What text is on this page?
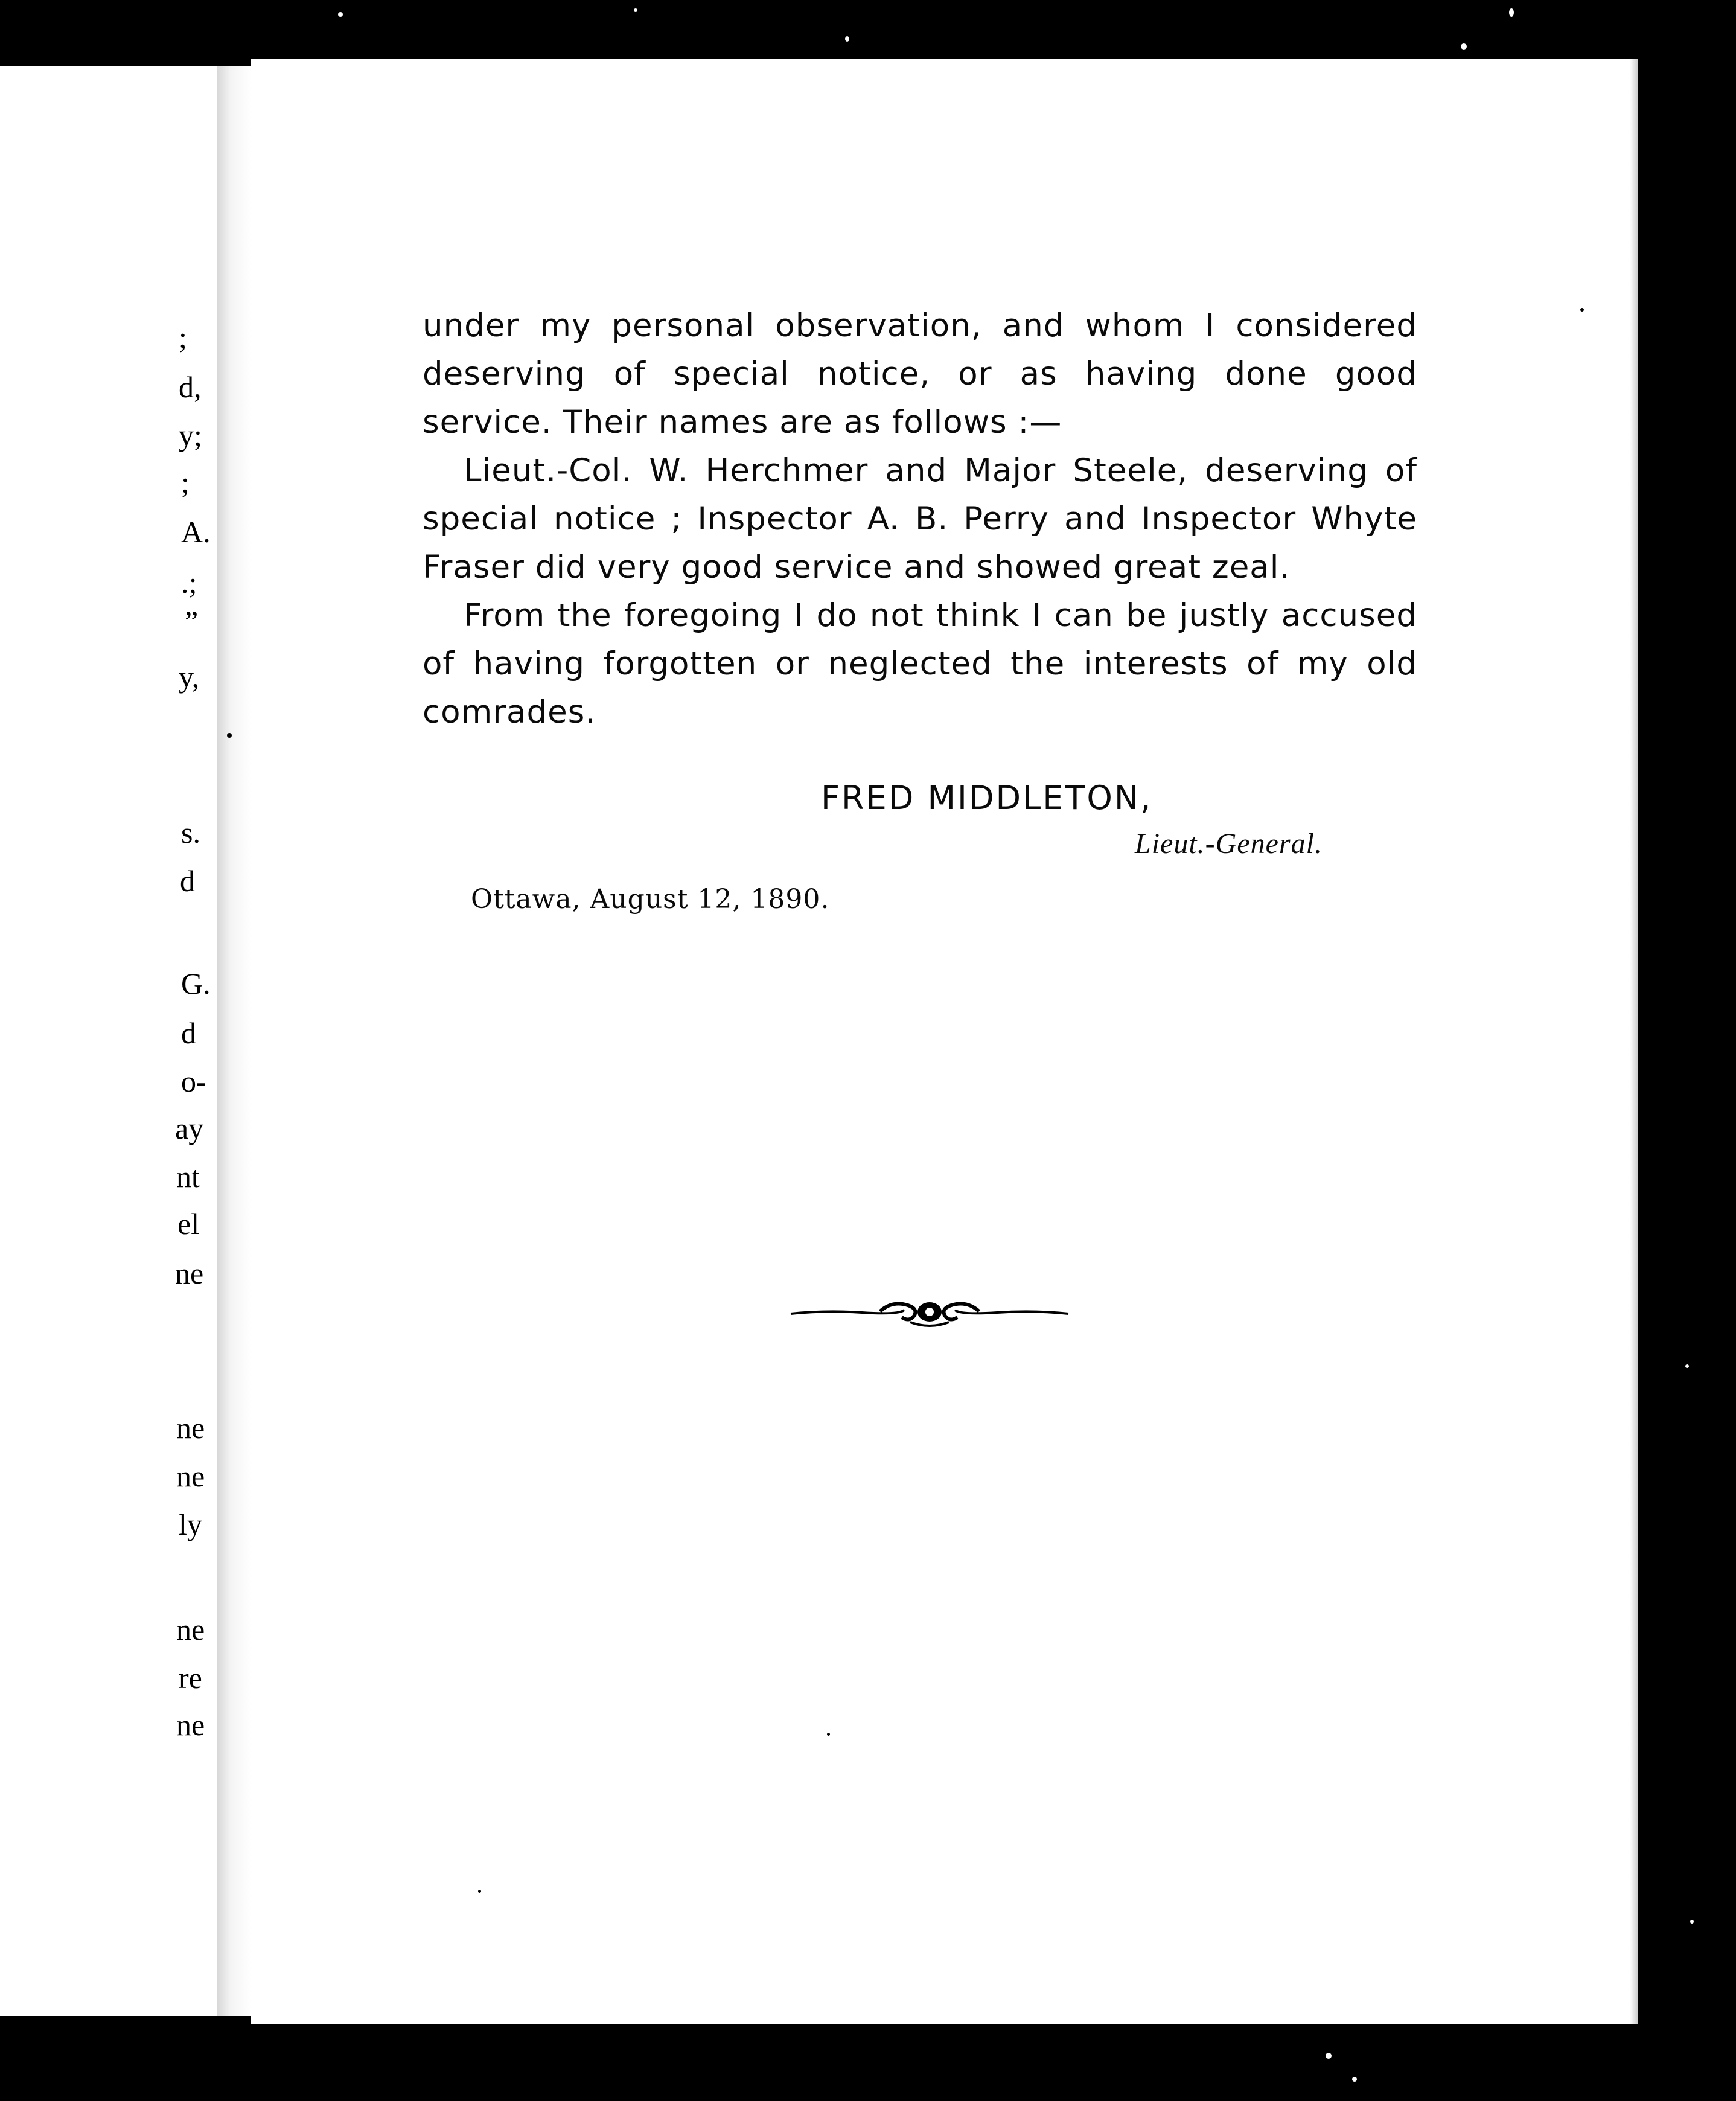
;
d,
y;
;
A.
.;
”
y,
s.
d
G.
d
o-
ay
nt
el
ne
ne
ne
ly
ne
re
ne

under my personal observation, and whom I considered deserving of special notice, or as having done good service. Their names are as follows :—

Lieut.-Col. W. Herchmer and Major Steele, deserving of special notice ; Inspector A. B. Perry and Inspector Whyte Fraser did very good service and showed great zeal.

From the foregoing I do not think I can be justly accused of having forgotten or neglected the interests of my old comrades.

FRED MIDDLETON,
Lieut.-General.
Ottawa, August 12, 1890.
